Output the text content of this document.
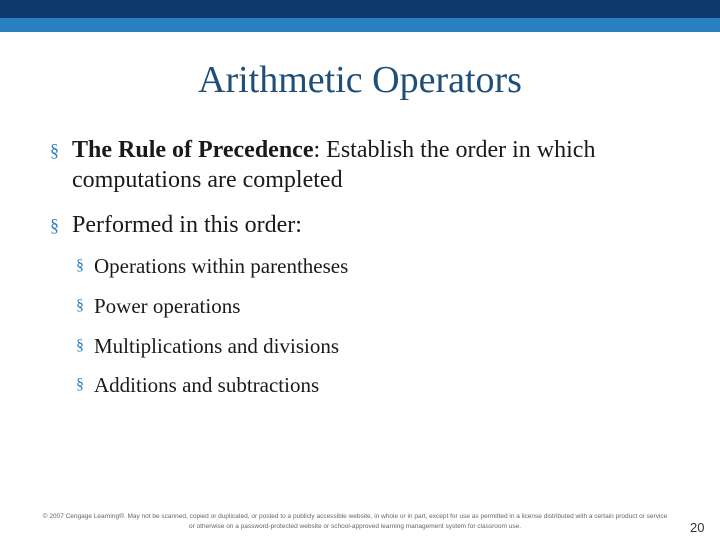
Arithmetic Operators
§ The Rule of Precedence: Establish the order in which computations are completed
§ Performed in this order:
§ Operations within parentheses
§ Power operations
§ Multiplications and divisions
§ Additions and subtractions
© 2007 Cengage Learning®. May not be scanned, copied or duplicated, or posted to a publicly accessible website, in whole or in part, except for use as permitted in a license distributed with a certain product or service or otherwise on a password-protected website or school-approved learning management system for classroom use.	20
